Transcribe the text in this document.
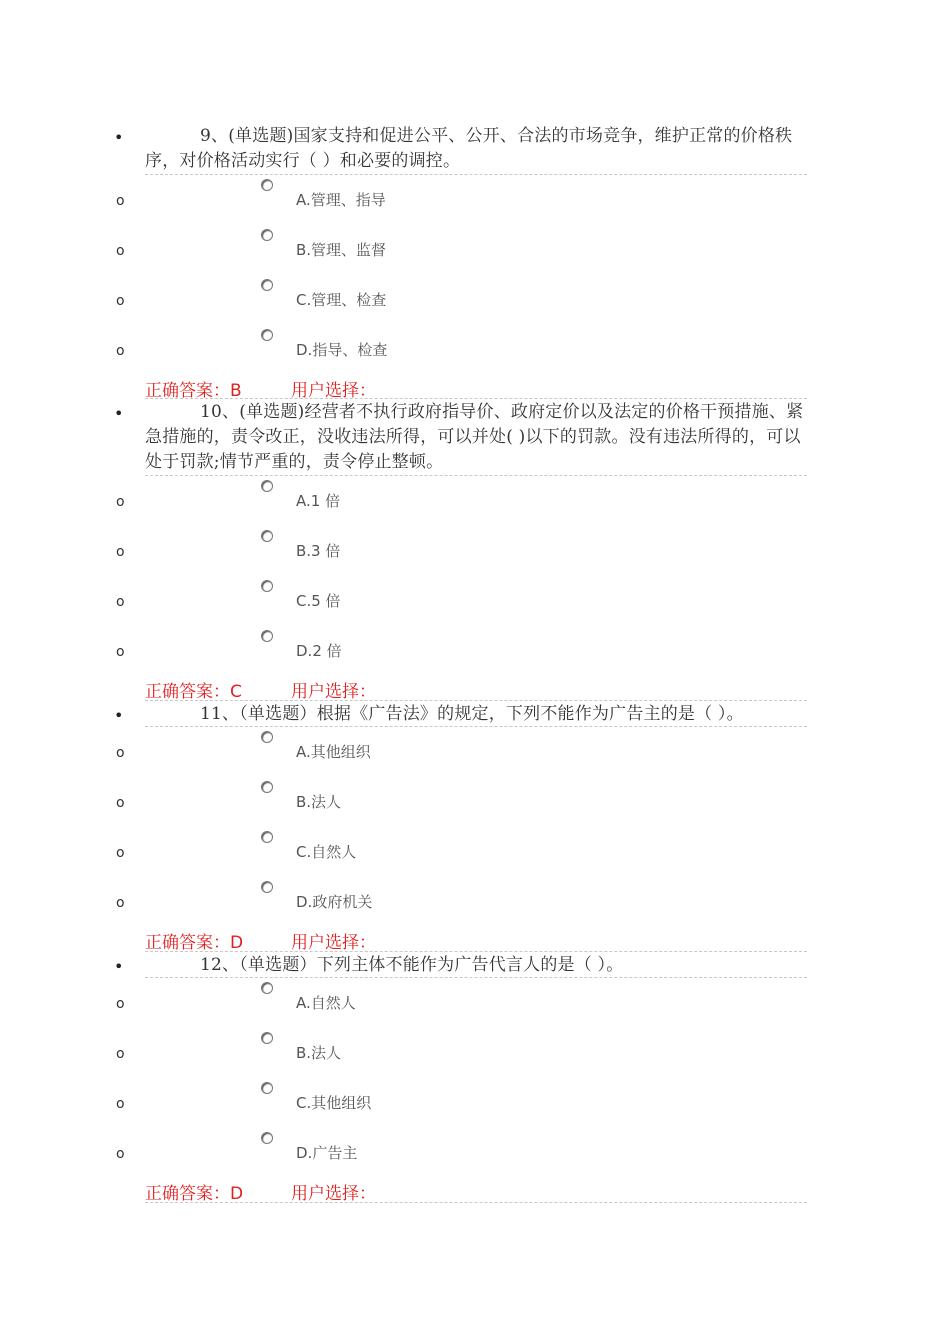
•	9、(单选题)国家支持和促进公平、公开、合法的市场竞争，维护正常的价格秩序，对价格活动实行（ ）和必要的调控。
o	A.管理、指导
o	B.管理、监督
o	C.管理、检查
o	D.指导、检查
正确答案：B	用户选择：
•	10、(单选题)经营者不执行政府指导价、政府定价以及法定的价格干预措施、紧急措施的，责令改正，没收违法所得，可以并处( )以下的罚款。没有违法所得的，可以处于罚款;情节严重的，责令停止整顿。
o	A.1 倍
o	B.3 倍
o	C.5 倍
o	D.2 倍
正确答案：C	用户选择：
•	11、（单选题）根据《广告法》的规定，下列不能作为广告主的是（ ）。
o	A.其他组织
o	B.法人
o	C.自然人
o	D.政府机关
正确答案：D	用户选择：
•	12、（单选题）下列主体不能作为广告代言人的是（ ）。
o	A.自然人
o	B.法人
o	C.其他组织
o	D.广告主
正确答案：D	用户选择：
